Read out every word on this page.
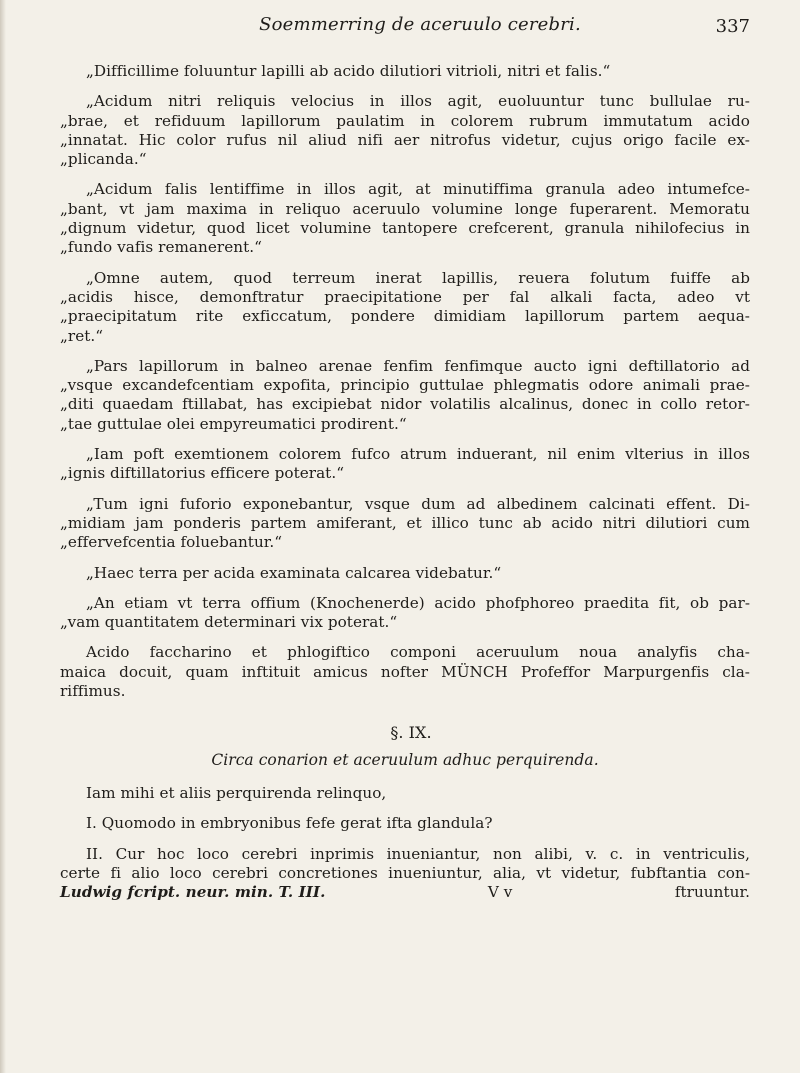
Soemmerring de aceruulo cerebri.	337

„Difficillime foluuntur lapilli ab acido dilutiori vitrioli, nitri et falis.“

„Acidum nitri reliquis velocius in illos agit, euoluuntur tunc bullulae ru-
„brae, et refiduum lapillorum paulatim in colorem rubrum immutatum acido
„innatat. Hic color rufus nil aliud nifi aer nitrofus videtur, cujus origo facile ex-
„plicanda.“

„Acidum falis lentiffime in illos agit, at minutiffima granula adeo intumefce-
„bant, vt jam maxima in reliquo aceruulo volumine longe fuperarent. Memoratu
„dignum videtur, quod licet volumine tantopere crefcerent, granula nihilofecius in
„fundo vafis remanerent.“

„Omne autem, quod terreum inerat lapillis, reuera folutum fuiffe ab
„acidis hisce, demonftratur praecipitatione per fal alkali facta, adeo vt
„praecipitatum rite exficcatum, pondere dimidiam lapillorum partem aequa-
„ret.“

„Pars lapillorum in balneo arenae fenfim fenfimque aucto igni deftillatorio ad
„vsque excandefcentiam expofita, principio guttulae phlegmatis odore animali prae-
„diti quaedam ftillabat, has excipiebat nidor volatilis alcalinus, donec in collo retor-
„tae guttulae olei empyreumatici prodirent.“

„Iam poft exemtionem colorem fufco atrum induerant, nil enim vlterius in illos
„ignis diftillatorius efficere poterat.“

„Tum igni fuforio exponebantur, vsque dum ad albedinem calcinati effent. Di-
„midiam jam ponderis partem amiferant, et illico tunc ab acido nitri dilutiori cum
„effervefcentia foluebantur.“

„Haec terra per acida examinata calcarea videbatur.“

„An etiam vt terra offium (Knochenerde) acido phofphoreo praedita fit, ob par-
„vam quantitatem determinari vix poterat.“

Acido faccharino et phlogiftico componi aceruulum noua analyfis cha-
maica docuit, quam inftituit amicus nofter MÜNCH Profeffor Marpurgenfis cla-
riffimus.

§. IX.
Circa conarion et aceruulum adhuc perquirenda.

Iam mihi et aliis perquirenda relinquo,

I. Quomodo in embryonibus fefe gerat ifta glandula?

II. Cur hoc loco cerebri inprimis inueniantur, non alibi, v. c. in ventriculis,
certe fi alio loco cerebri concretiones inueniuntur, alia, vt videtur, fubftantia con-

Ludwig fcript. neur. min. T. III.	V v	ftruuntur.
